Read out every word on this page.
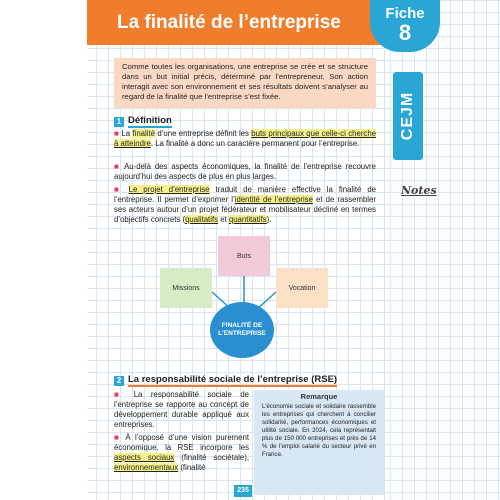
La finalité de l’entreprise	Fiche
8
CEJM
Notes
Comme toutes les organisations, une entreprise se crée et se structure dans un but initial précis, déterminé par l’entrepreneur. Son action interagit avec son environnement et ses résultats doivent s’analyser au regard de la finalité que l’entreprise s’est fixée.
1 Définition
■ La finalité d’une entreprise définit les buts principaux que celle-ci cherche à atteindre. La finalité a donc un caractère permanent pour l’entreprise.
■ Au-delà des aspects économiques, la finalité de l’entreprise recouvre aujourd’hui des aspects de plus en plus larges.
■ Le projet d’entreprise traduit de manière effective la finalité de l’entreprise. Il permet d’exprimer l’identité de l’entreprise et de rassembler ses acteurs autour d’un projet fédérateur et mobilisateur décliné en termes d’objectifs concrets (qualitatifs et quantitatifs).
Buts
Missions	Vocation
FINALITÉ DE L’ENTREPRISE
2 La responsabilité sociale de l’entreprise (RSE)
■ La responsabilité sociale de l’entreprise se rapporte au concept de développement durable appliqué aux entreprises.
■ À l’opposé d’une vision purement économique, la RSE incorpore les aspects sociaux (finalité sociétale), environnementaux (finalité
Remarque
L’économie sociale et solidaire rassemble les entreprises qui cherchent à concilier solidarité, performances économiques et utilité sociale. En 2024, cela représentait plus de 150 000 entreprises et près de 14 % de l’emploi salarié du secteur privé en France.
235
